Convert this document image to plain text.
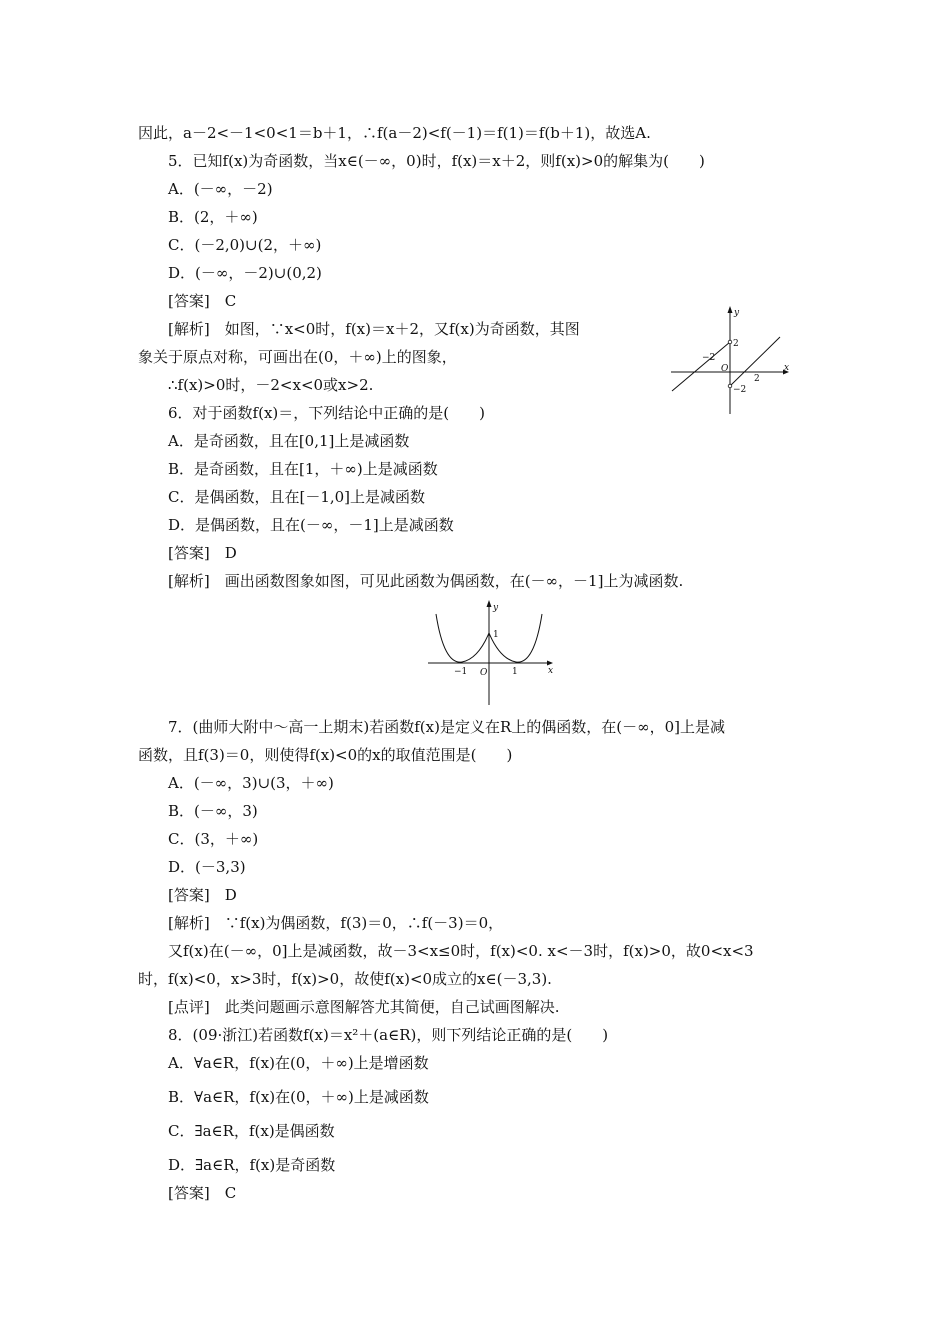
因此，a－2<－1<0<1＝b＋1，∴f(a－2)<f(－1)＝f(1)＝f(b＋1)，故选A.
5．已知f(x)为奇函数，当x∈(－∞，0)时，f(x)＝x＋2，则f(x)>0的解集为(　　)
A．(－∞，－2)
B．(2，＋∞)
C．(－2,0)∪(2，＋∞)
D．(－∞，－2)∪(0,2)
[答案]　C
[解析]　如图，∵x<0时，f(x)＝x＋2，又f(x)为奇函数，其图
象关于原点对称，可画出在(0，＋∞)上的图象，
∴f(x)>0时，－2<x<0或x>2.
6．对于函数f(x)＝，下列结论中正确的是(　　)
A．是奇函数，且在[0,1]上是减函数
B．是奇函数，且在[1，＋∞)上是减函数
C．是偶函数，且在[－1,0]上是减函数
D．是偶函数，且在(－∞，－1]上是减函数
[答案]　D
[解析]　画出函数图象如图，可见此函数为偶函数，在(－∞，－1]上为减函数.
7．(曲师大附中～高一上期末)若函数f(x)是定义在R上的偶函数，在(－∞，0]上是减
函数，且f(3)＝0，则使得f(x)<0的x的取值范围是(　　)
A．(－∞，3)∪(3，＋∞)
B．(－∞，3)
C．(3，＋∞)
D．(－3,3)
[答案]　D
[解析]　∵f(x)为偶函数，f(3)＝0，∴f(－3)＝0，
又f(x)在(－∞，0]上是减函数，故－3<x≤0时，f(x)<0. x<－3时，f(x)>0，故0<x<3
时，f(x)<0，x>3时，f(x)>0，故使f(x)<0成立的x∈(－3,3).
[点评]　此类问题画示意图解答尤其简便，自己试画图解决.
8．(09·浙江)若函数f(x)＝x²＋(a∈R)，则下列结论正确的是(　　)
A．∀a∈R，f(x)在(0，＋∞)上是增函数
B．∀a∈R，f(x)在(0，＋∞)上是减函数
C．∃a∈R，f(x)是偶函数
D．∃a∈R，f(x)是奇函数
[答案]　C
y
x
O
2
−2
2
−2
y
x
O
1
−1	1
